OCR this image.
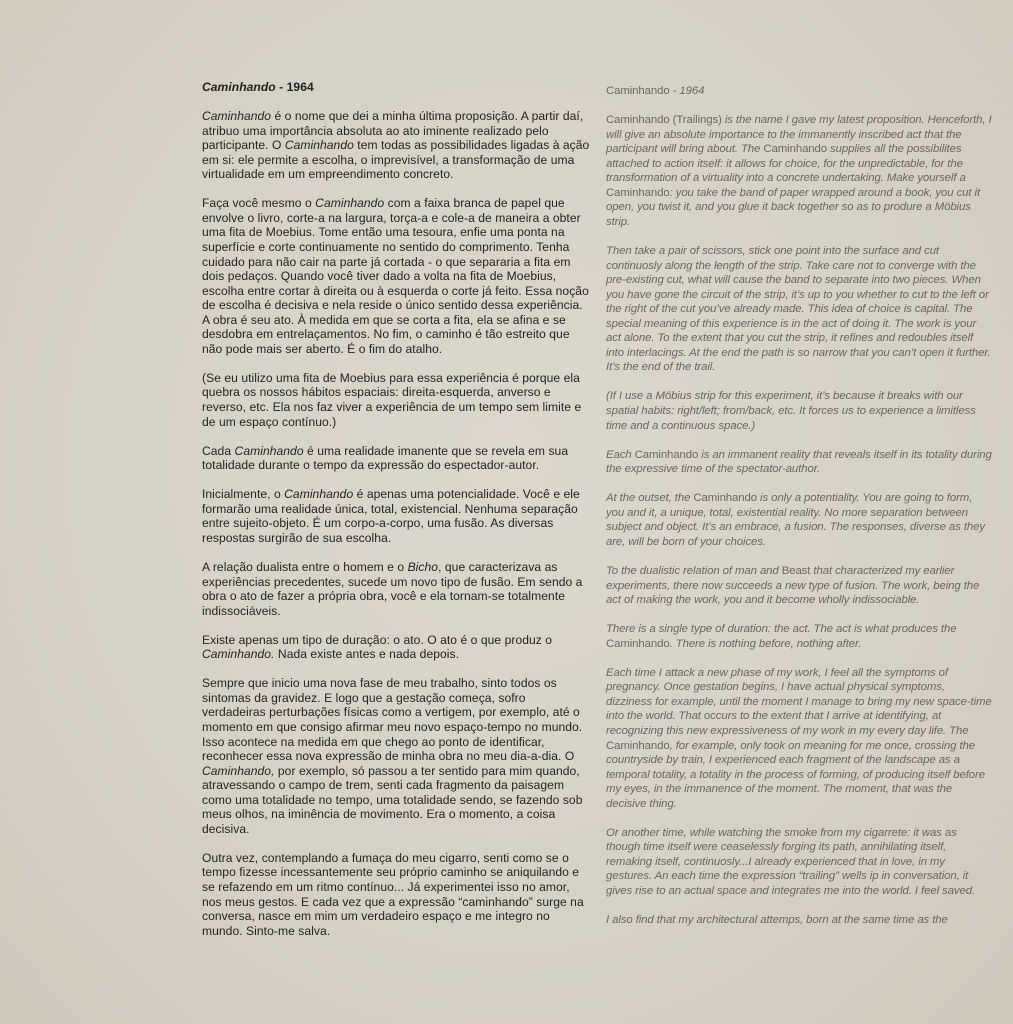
Caminhando - 1964

Caminhando é o nome que dei a minha última proposição. A partir daí, atribuo uma importância absoluta ao ato iminente realizado pelo participante. O Caminhando tem todas as possibilidades ligadas à ação em si: ele permite a escolha, o imprevisível, a transformação de uma virtualidade em um empreendimento concreto.

Faça você mesmo o Caminhando com a faixa branca de papel que envolve o livro, corte-a na largura, torça-a e cole-a de maneira a obter uma fita de Moebius. Tome então uma tesoura, enfie uma ponta na superfície e corte continuamente no sentido do comprimento. Tenha cuidado para não cair na parte já cortada - o que separaria a fita em dois pedaços. Quando você tiver dado a volta na fita de Moebius, escolha entre cortar à direita ou à esquerda o corte já feito. Essa noção de escolha é decisiva e nela reside o único sentido dessa experiência. A obra é seu ato. À medida em que se corta a fita, ela se afina e se desdobra em entrelaçamentos. No fim, o caminho é tão estreito que não pode mais ser aberto. É o fim do atalho.

(Se eu utilizo uma fita de Moebius para essa experiência é porque ela quebra os nossos hábitos espaciais: direita-esquerda, anverso e reverso, etc. Ela nos faz viver a experiência de um tempo sem limite e de um espaço contínuo.)

Cada Caminhando é uma realidade imanente que se revela em sua totalidade durante o tempo da expressão do espectador-autor.

Inicialmente, o Caminhando é apenas uma potencialidade. Você e ele formarão uma realidade única, total, existencial. Nenhuma separação entre sujeito-objeto. É um corpo-a-corpo, uma fusão. As diversas respostas surgirão de sua escolha.

A relação dualista entre o homem e o Bicho, que caracterizava as experiências precedentes, sucede um novo tipo de fusão. Em sendo a obra o ato de fazer a própria obra, você e ela tornam-se totalmente indissociáveis.

Existe apenas um tipo de duração: o ato. O ato é o que produz o Caminhando. Nada existe antes e nada depois.

Sempre que inicio uma nova fase de meu trabalho, sinto todos os sintomas da gravidez. E logo que a gestação começa, sofro verdadeiras perturbações físicas como a vertigem, por exemplo, até o momento em que consigo afirmar meu novo espaço-tempo no mundo. Isso acontece na medida em que chego ao ponto de identificar, reconhecer essa nova expressão de minha obra no meu dia-a-dia. O Caminhando, por exemplo, só passou a ter sentido para mim quando, atravessando o campo de trem, senti cada fragmento da paisagem como uma totalidade no tempo, uma totalidade sendo, se fazendo sob meus olhos, na iminência de movimento. Era o momento, a coisa decisiva.

Outra vez, contemplando a fumaça do meu cigarro, senti como se o tempo fizesse incessantemente seu próprio caminho se aniquilando e se refazendo em um ritmo contínuo... Já experimentei isso no amor, nos meus gestos. E cada vez que a expressão “caminhando” surge na conversa, nasce em mim um verdadeiro espaço e me integro no mundo. Sinto-me salva.

Caminhando - 1964

Caminhando (Trailings) is the name I gave my latest proposition. Henceforth, I will give an absolute importance to the immanently inscribed act that the participant will bring about. The Caminhando supplies all the possibilites attached to action itself: it allows for choice, for the unpredictable, for the transformation of a virtuality into a concrete undertaking. Make yourself a Caminhando: you take the band of paper wrapped around a book, you cut it open, you twist it, and you glue it back together so as to produre a Möbius strip.

Then take a pair of scissors, stick one point into the surface and cut continuosly along the length of the strip. Take care not to converge with the pre-existing cut, what will cause the band to separate into two pieces. When you have gone the circuit of the strip, it’s up to you whether to cut to the left or the right of the cut you’ve already made. This idea of choice is capital. The special meaning of this experience is in the act of doing it. The work is your act alone. To the extent that you cut the strip, it refines and redoubles itself into interlacings. At the end the path is so narrow that you can’t open it further. It’s the end of the trail.

(If I use a Möbius strip for this experiment, it’s because it breaks with our spatial habits: right/left; from/back, etc. It forces us to experience a limitless time and a continuous space.)

Each Caminhando is an immanent reality that reveals itself in its totality during the expressive time of the spectator-author.

At the outset, the Caminhando is only a potentiality. You are going to form, you and it, a unique, total, existential reality. No more separation between subject and object. It’s an embrace, a fusion. The responses, diverse as they are, will be born of your choices.

To the dualistic relation of man and Beast that characterized my earlier experiments, there now succeeds a new type of fusion. The work, being the act of making the work, you and it become wholly indissociable.

There is a single type of duration: the act. The act is what produces the Caminhando. There is nothing before, nothing after.

Each time I attack a new phase of my work, I feel all the symptoms of pregnancy. Once gestation begins, I have actual physical symptoms, dizziness for example, until the moment I manage to bring my new space-time into the world. That occurs to the extent that I arrive at identifying, at recognizing this new expressiveness of my work in my every day life. The Caminhando, for example, only took on meaning for me once, crossing the countryside by train, I experienced each fragment of the landscape as a temporal totality, a totality in the process of forming, of producing itself before my eyes, in the immanence of the moment. The moment, that was the decisive thing.

Or another time, while watching the smoke from my cigarrete: it was as though time itself were ceaselessly forging its path, annihilating itself, remaking itself, continuosly...I already experienced that in love, in my gestures. An each time the expression “trailing” wells ip in conversation, it gives rise to an actual space and integrates me into the world. I feel saved.

I also find that my architectural attemps, born at the same time as the
